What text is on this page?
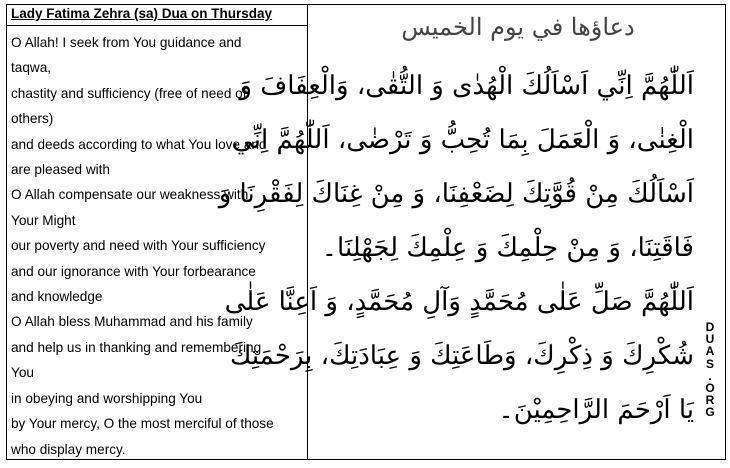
Lady Fatima Zehra (sa) Dua on Thursday
O Allah! I seek from You guidance and
taqwa,
chastity and sufficiency (free of need of
others)
and deeds according to what You love and
are pleased with
O Allah compensate our weakness with
Your Might
our poverty and need with Your sufficiency
and our ignorance with Your forbearance
and knowledge
O Allah bless Muhammad and his family
and help us in thanking and remembering
You
in obeying and worshipping You
by Your mercy, O the most merciful of those
who display mercy.
دعاؤها في يوم الخميس
اَللّٰهُمَّ اِنِّي اَسْاَلُكَ الْهُدٰى وَ التُّقٰى، وَالْعِفَافَ وَ
الْغِنٰى، وَ الْعَمَلَ بِمَا تُحِبُّ وَ تَرْضٰى، اَللّٰهُمَّ اِنِّي
اَسْاَلُكَ مِنْ قُوَّتِكَ لِضَعْفِنَا، وَ مِنْ غِنَاكَ لِفَقْرِنَا وَ
فَاقَتِنَا، وَ مِنْ حِلْمِكَ وَ عِلْمِكَ لِجَهْلِنَا۔
اَللّٰهُمَّ صَلِّ عَلٰى مُحَمَّدٍ وَآلِ مُحَمَّدٍ، وَ اَعِنَّا عَلٰى
شُكْرِكَ وَ ذِكْرِكَ، وَطَاعَتِكَ وَ عِبَادَتِكَ، بِرَحْمَتِكَ
يَا اَرْحَمَ الرَّاحِمِيْنَ۔
D
U
A
S
.
O
R
G
